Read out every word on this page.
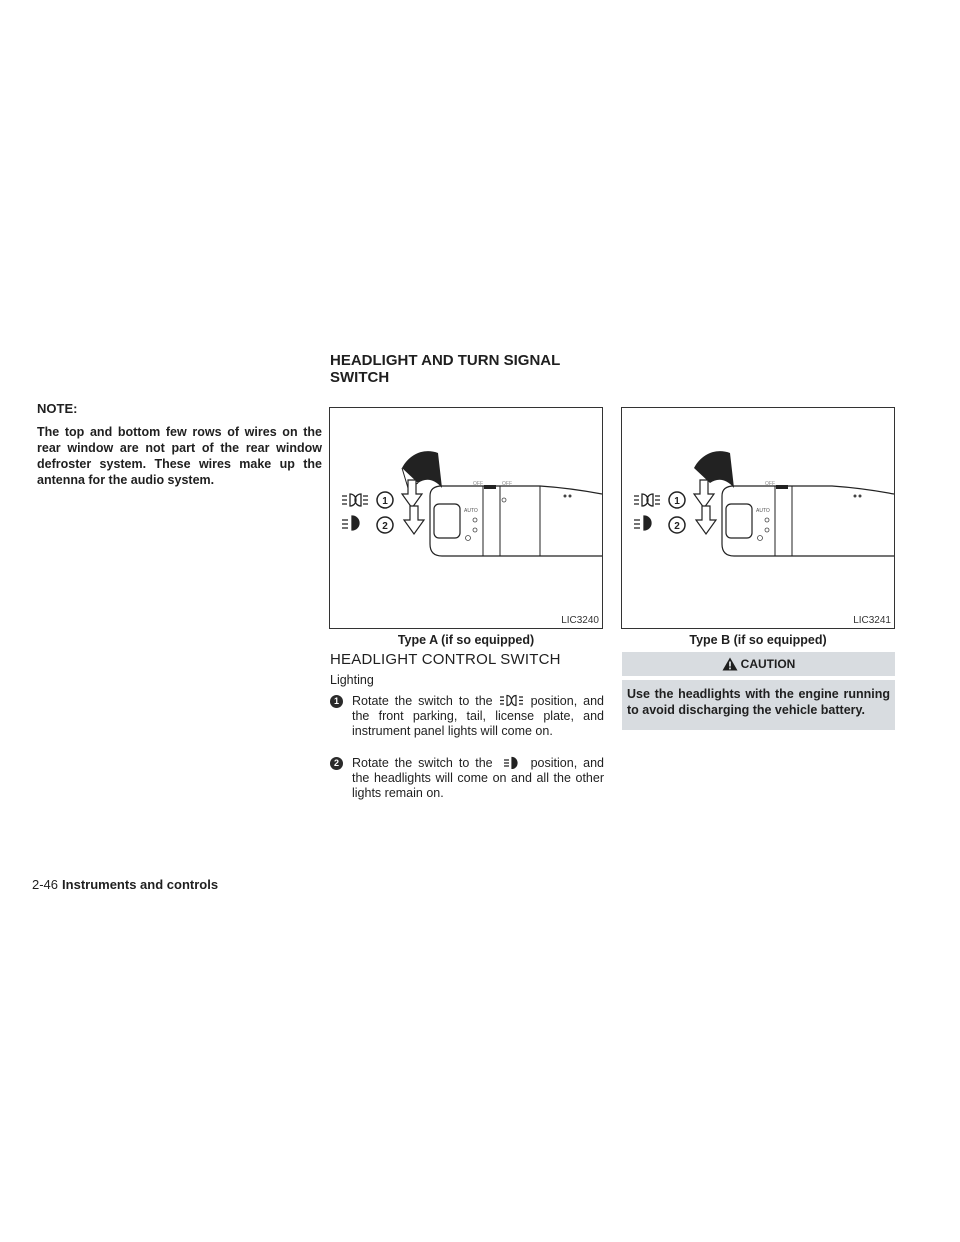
NOTE:
The top and bottom few rows of wires on the rear window are not part of the rear window defroster system. These wires make up the antenna for the audio system.
HEADLIGHT AND TURN SIGNAL SWITCH
OFF	OFF
AUTO
1
2
LIC3240
OFF
AUTO
1
2
LIC3241
Type A (if so equipped)	Type B (if so equipped)
HEADLIGHT CONTROL SWITCH
Lighting
1	Rotate the switch to the	position, and the front parking, tail, license plate, and instrument panel lights will come on.
2	Rotate the switch to the	position, and the headlights will come on and all the other lights remain on.
CAUTION
Use the headlights with the engine running to avoid discharging the vehicle battery.
2-46 Instruments and controls
